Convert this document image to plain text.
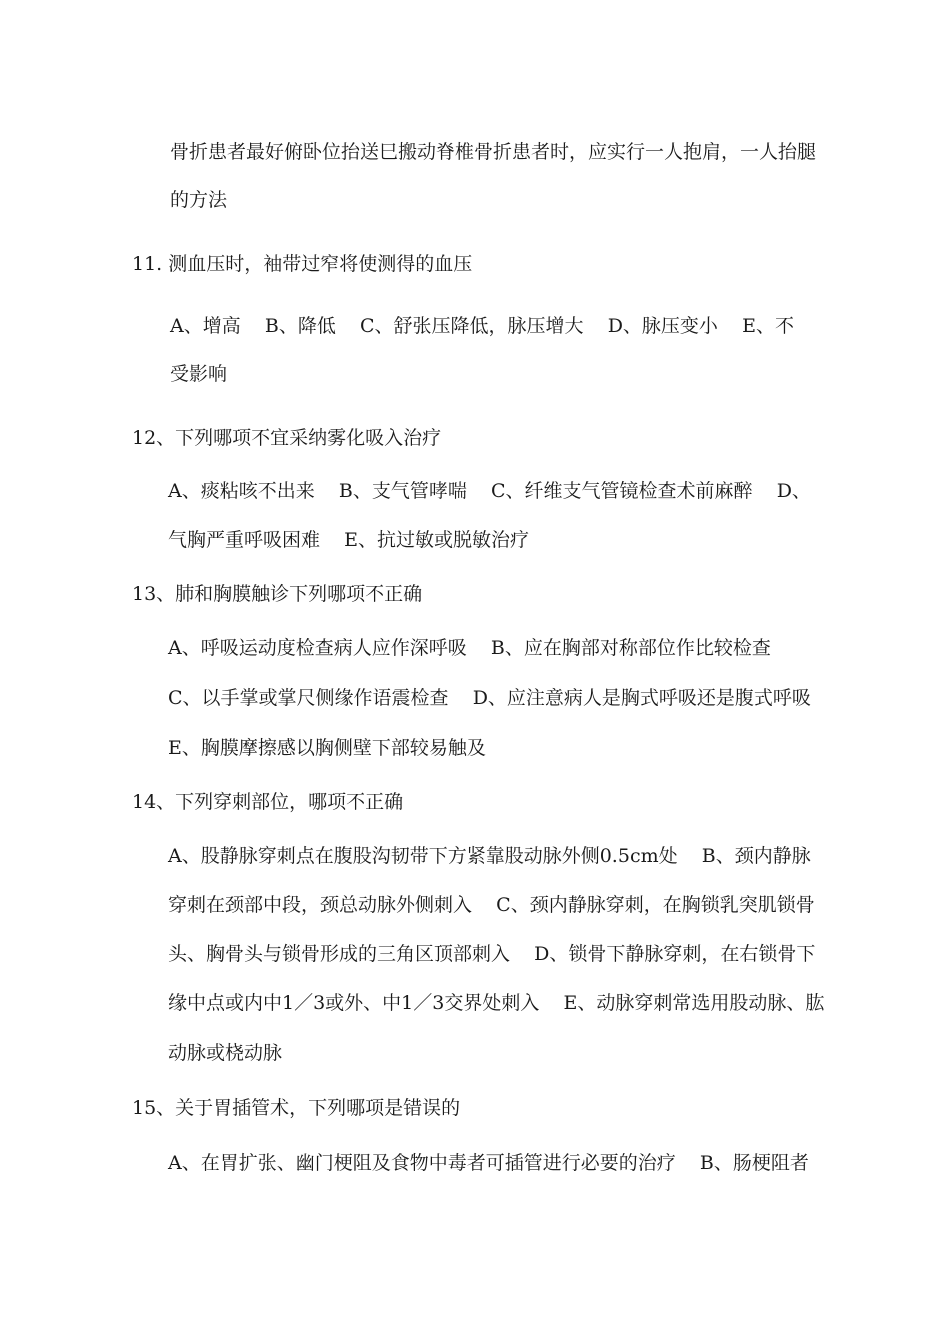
骨折患者最好俯卧位抬送巳搬动脊椎骨折患者时，应实行一人抱肩，一人抬腿
的方法
11. 测血压时，袖带过窄将使测得的血压
A、增高    B、降低    C、舒张压降低，脉压增大    D、脉压变小    E、不
受影响
12、下列哪项不宜采纳雾化吸入治疗
A、痰粘咳不出来    B、支气管哮喘    C、纤维支气管镜检查术前麻醉    D、
气胸严重呼吸困难    E、抗过敏或脱敏治疗
13、肺和胸膜触诊下列哪项不正确
A、呼吸运动度检查病人应作深呼吸    B、应在胸部对称部位作比较检查
C、以手掌或掌尺侧缘作语震检查    D、应注意病人是胸式呼吸还是腹式呼吸
E、胸膜摩擦感以胸侧壁下部较易触及
14、下列穿刺部位，哪项不正确
A、股静脉穿刺点在腹股沟韧带下方紧靠股动脉外侧0.5cm处    B、颈内静脉
穿刺在颈部中段，颈总动脉外侧刺入    C、颈内静脉穿刺，在胸锁乳突肌锁骨
头、胸骨头与锁骨形成的三角区顶部刺入    D、锁骨下静脉穿刺，在右锁骨下
缘中点或内中1／3或外、中1／3交界处刺入    E、动脉穿刺常选用股动脉、肱
动脉或桡动脉
15、关于胃插管术，下列哪项是错误的
A、在胃扩张、幽门梗阻及食物中毒者可插管进行必要的治疗    B、肠梗阻者
